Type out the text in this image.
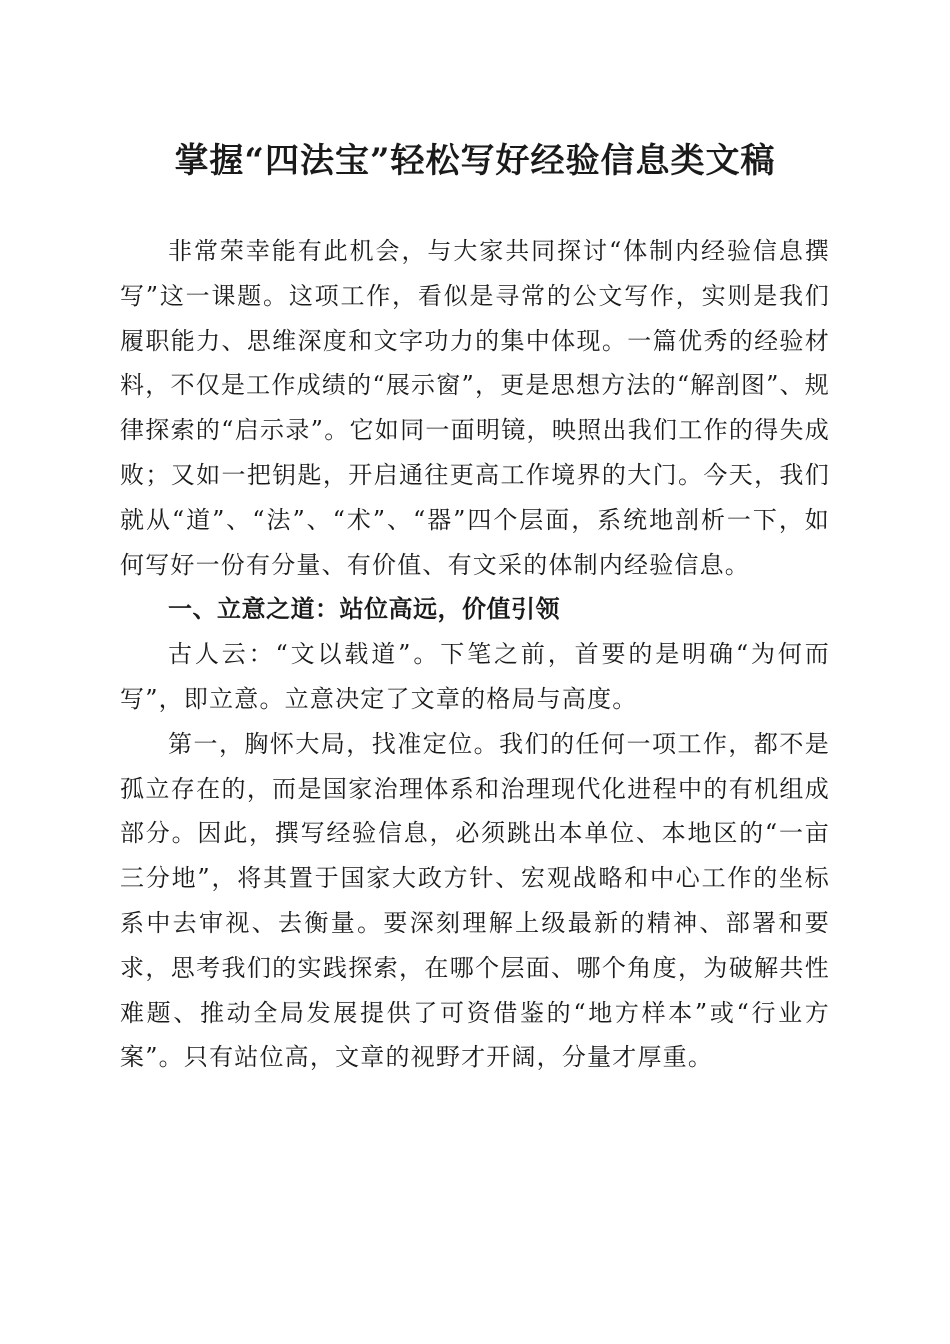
掌握“四法宝”轻松写好经验信息类文稿

非常荣幸能有此机会，与大家共同探讨“体制内经验信息撰写”这一课题。这项工作，看似是寻常的公文写作，实则是我们履职能力、思维深度和文字功力的集中体现。一篇优秀的经验材料，不仅是工作成绩的“展示窗”，更是思想方法的“解剖图”、规律探索的“启示录”。它如同一面明镜，映照出我们工作的得失成败；又如一把钥匙，开启通往更高工作境界的大门。今天，我们就从“道”、“法”、“术”、“器”四个层面，系统地剖析一下，如何写好一份有分量、有价值、有文采的体制内经验信息。

一、立意之道：站位高远，价值引领

古人云：“文以载道”。下笔之前，首要的是明确“为何而写”，即立意。立意决定了文章的格局与高度。

第一，胸怀大局，找准定位。我们的任何一项工作，都不是孤立存在的，而是国家治理体系和治理现代化进程中的有机组成部分。因此，撰写经验信息，必须跳出本单位、本地区的“一亩三分地”，将其置于国家大政方针、宏观战略和中心工作的坐标系中去审视、去衡量。要深刻理解上级最新的精神、部署和要求，思考我们的实践探索，在哪个层面、哪个角度，为破解共性难题、推动全局发展提供了可资借鉴的“地方样本”或“行业方案”。只有站位高，文章的视野才开阔，分量才厚重。
